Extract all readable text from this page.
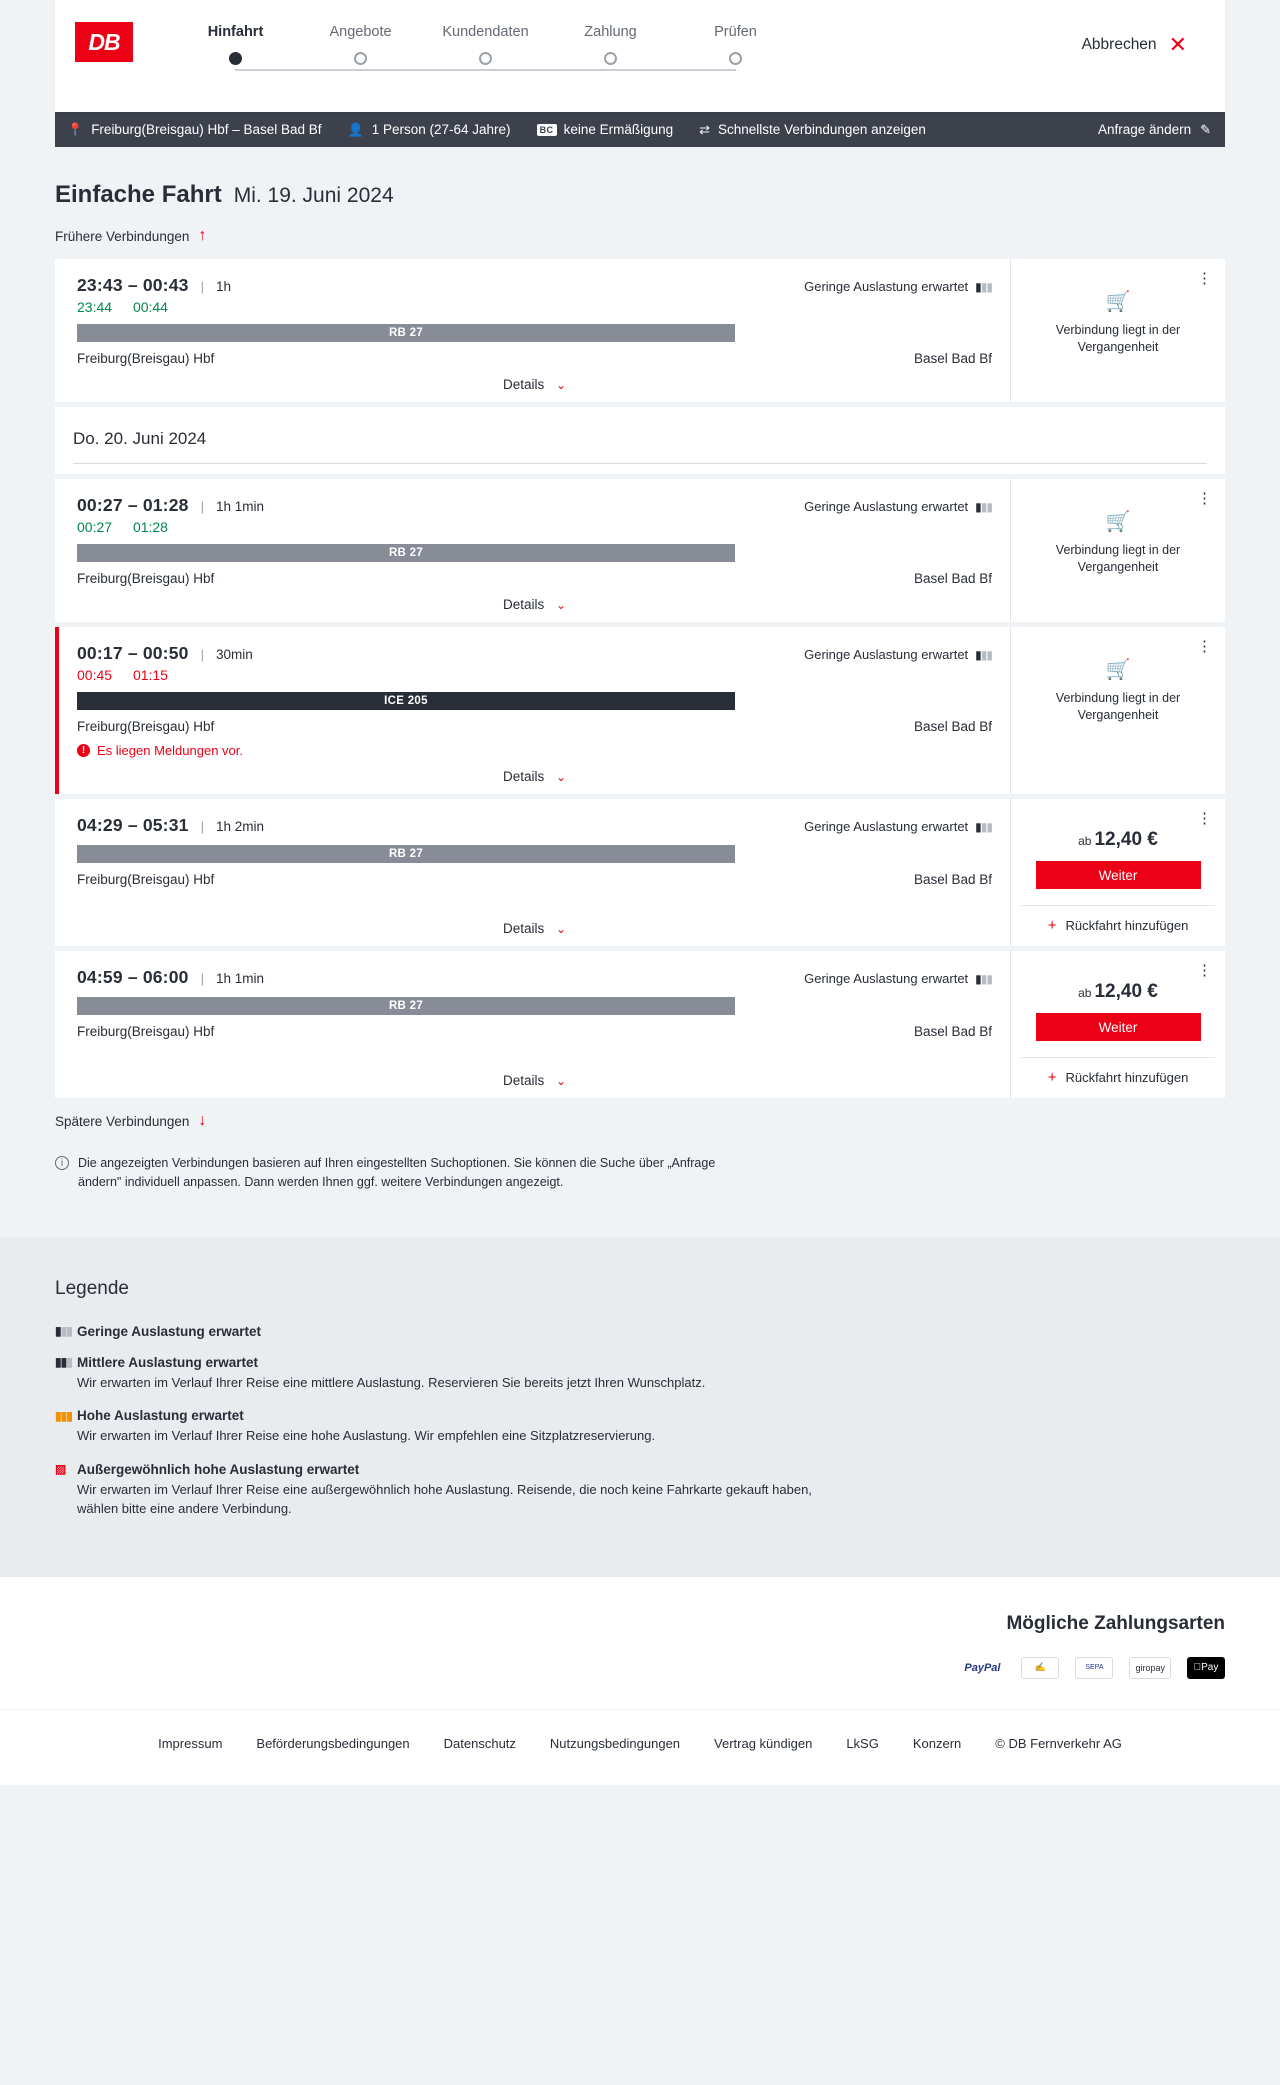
DB	Hinfahrt	Angebote	Kundendaten	Zahlung	Prüfen
Abbrechen ✕
📍 Freiburg(Breisgau) Hbf – Basel Bad Bf 👤 1 Person (27-64 Jahre)	BC keine Ermäßigung ⇄ Schnellste Verbindungen anzeigen	Anfrage ändern ✎
Einfache Fahrt Mi. 19. Juni 2024
Frühere Verbindungen ↑
23:43 – 00:43 | 1h	Geringe Auslastung erwartet ▮▮▮
23:44 00:44
RB 27
Freiburg(Breisgau) Hbf	Basel Bad Bf
Details ⌄
⋮
🛒
Verbindung liegt in der Vergangenheit
Do. 20. Juni 2024
00:27 – 01:28 | 1h 1min	Geringe Auslastung erwartet ▮▮▮
00:27 01:28
RB 27
Freiburg(Breisgau) Hbf	Basel Bad Bf
Details ⌄
⋮
🛒
Verbindung liegt in der Vergangenheit
00:17 – 00:50 | 30min	Geringe Auslastung erwartet ▮▮▮
00:45 01:15
ICE 205
Freiburg(Breisgau) Hbf	Basel Bad Bf
! Es liegen Meldungen vor.
Details ⌄
⋮
🛒
Verbindung liegt in der Vergangenheit
04:29 – 05:31 | 1h 2min	Geringe Auslastung erwartet ▮▮▮
RB 27
Freiburg(Breisgau) Hbf	Basel Bad Bf
Details ⌄
⋮
ab 12,40 €
Weiter
+ Rückfahrt hinzufügen
04:59 – 06:00 | 1h 1min	Geringe Auslastung erwartet ▮▮▮
RB 27
Freiburg(Breisgau) Hbf	Basel Bad Bf
Details ⌄
⋮
ab 12,40 €
Weiter
+ Rückfahrt hinzufügen
Spätere Verbindungen ↓
i	Die angezeigten Verbindungen basieren auf Ihren eingestellten Suchoptionen. Sie können die Suche über „Anfrage ändern" individuell anpassen. Dann werden Ihnen ggf. weitere Verbindungen angezeigt.
Legende
▮▮▮ Geringe Auslastung erwartet
▮▮▮ Mittlere Auslastung erwartet
Wir erwarten im Verlauf Ihrer Reise eine mittlere Auslastung. Reservieren Sie bereits jetzt Ihren Wunschplatz.
▮▮▮ Hohe Auslastung erwartet
Wir erwarten im Verlauf Ihrer Reise eine hohe Auslastung. Wir empfehlen eine Sitzplatzreservierung.
▨ Außergewöhnlich hohe Auslastung erwartet
Wir erwarten im Verlauf Ihrer Reise eine außergewöhnlich hohe Auslastung. Reisende, die noch keine Fahrkarte gekauft haben, wählen bitte eine andere Verbindung.
Mögliche Zahlungsarten
PayPal	✍	SEPA	giropay	Pay
Impressum	Beförderungsbedingungen	Datenschutz	Nutzungsbedingungen	Vertrag kündigen	LkSG	Konzern	© DB Fernverkehr AG
